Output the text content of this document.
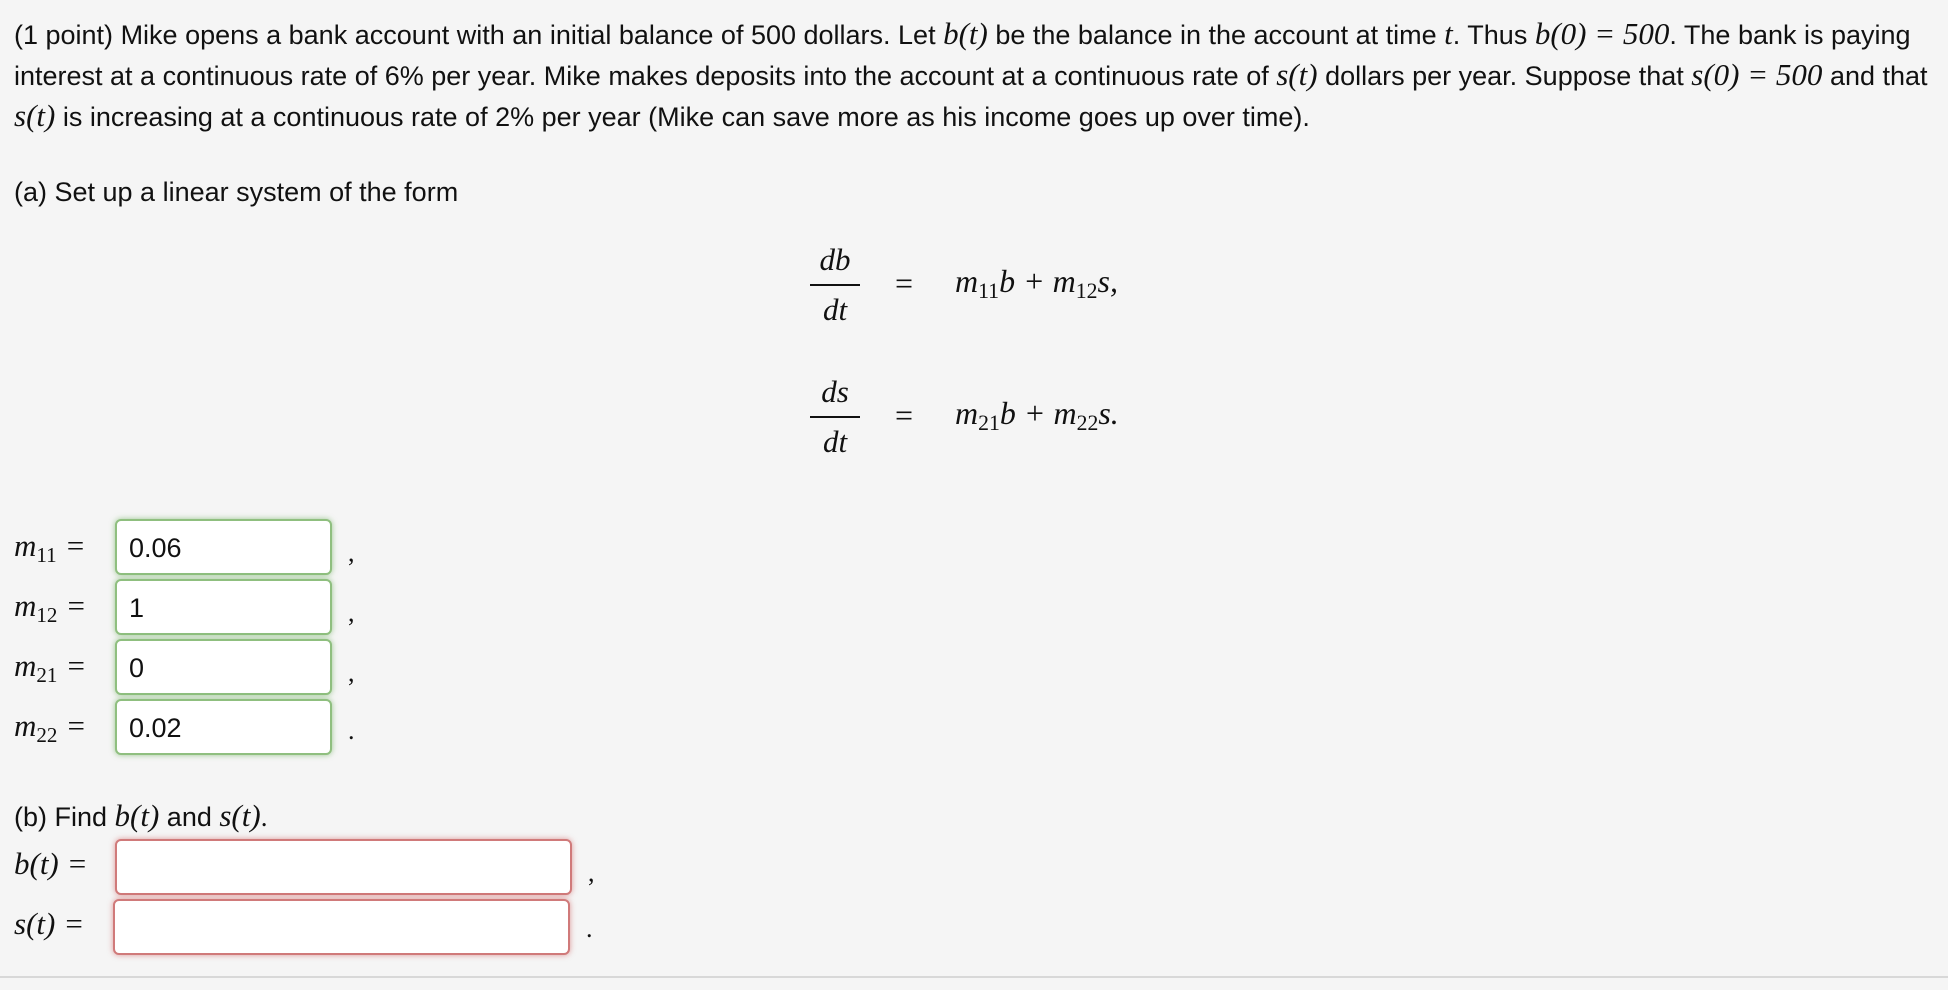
(1 point) Mike opens a bank account with an initial balance of 500 dollars. Let b(t) be the balance in the account at time t. Thus b(0) = 500. The bank is paying interest at a continuous rate of 6% per year. Mike makes deposits into the account at a continuous rate of s(t) dollars per year. Suppose that s(0) = 500 and that s(t) is increasing at a continuous rate of 2% per year (Mike can save more as his income goes up over time).

(a) Set up a linear system of the form

db
dt
= $m_{11}b + m_{12}s$,
ds
dt
= $m_{21}b + m_{22}s$.
$m_{11}$ =	0.06	,
$m_{12}$ =	1	,
$m_{21}$ =	0	,
$m_{22}$ =	0.02	.

(b) Find b(t) and s(t).

b(t) =	,
s(t) =	.
